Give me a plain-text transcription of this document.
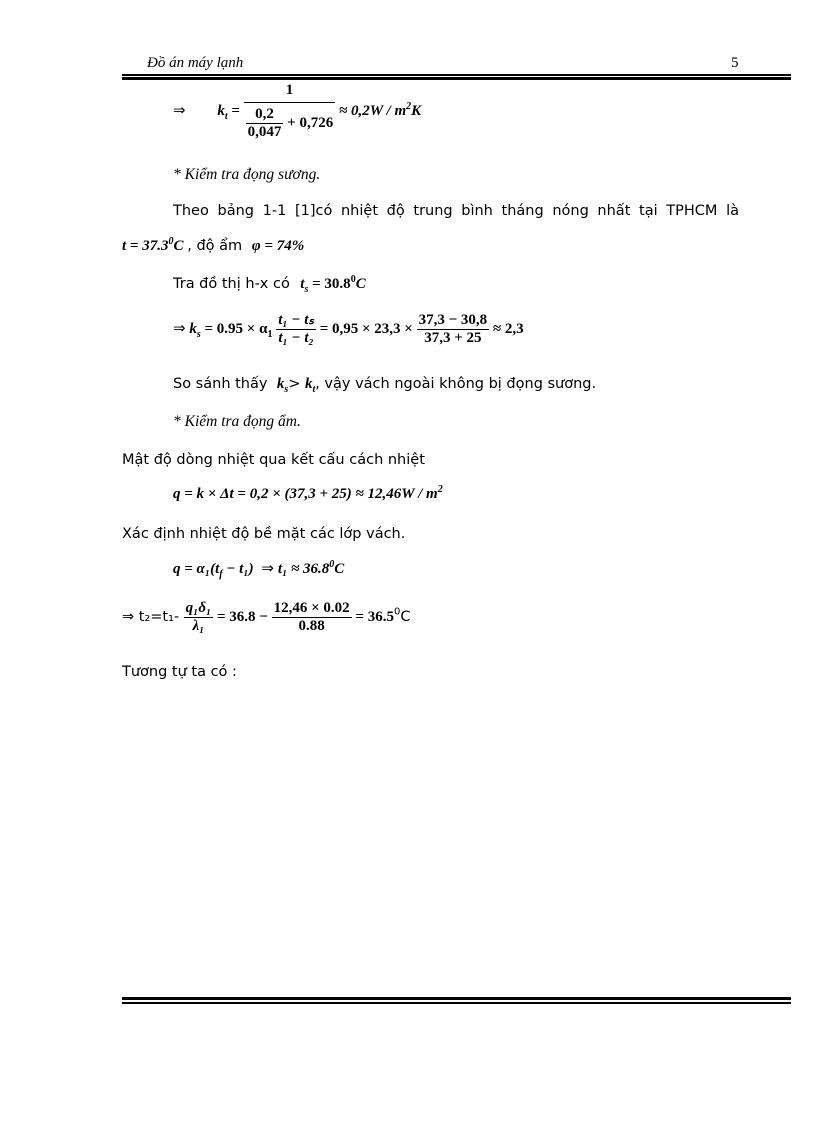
Đồ án máy lạnh	5
⇒ $k_t = \frac{1}{\frac{0,2}{0,047} + 0,726} \approx 0,2W / m^2K$
* Kiểm tra đọng sương.
Theo bảng 1-1 [1]có nhiệt độ trung bình tháng nóng nhất tại TPHCM là
$t = 37.3^0C$ , độ ẩm φ = 74%
Tra đồ thị h-x có $t_s = 30.8^0C$
⇒ $k_s = 0.95 \times \alpha_1 \frac{\text{t₁ − tₛ}}{\text{t₁ − t₂}} = 0,95 \times 23,3 \times \frac{37,3 - 30,8}{37,3 + 25} \approx 2,3$
So sánh thấy $k_s> k_t$, vậy vách ngoài không bị đọng sương.
* Kiểm tra đọng ẩm.
Mật độ dòng nhiệt qua kết cấu cách nhiệt
$q = k \times \Delta t = 0,2 \times (37,3 + 25) \approx 12,46W / m^2$
Xác định nhiệt độ bề mặt các lớp vách.
$q = \alpha_1(t_f - t_1)$ ⇒ $t_1 \approx 36.8^0C$
⇒ $t_2=t_1- \frac{\text{q₁δ₁}}{\text{λ₁}} = 36.8 - \frac{12,46 \times 0.02}{0.88} = 36.5^0C$
Tương tự ta có :
